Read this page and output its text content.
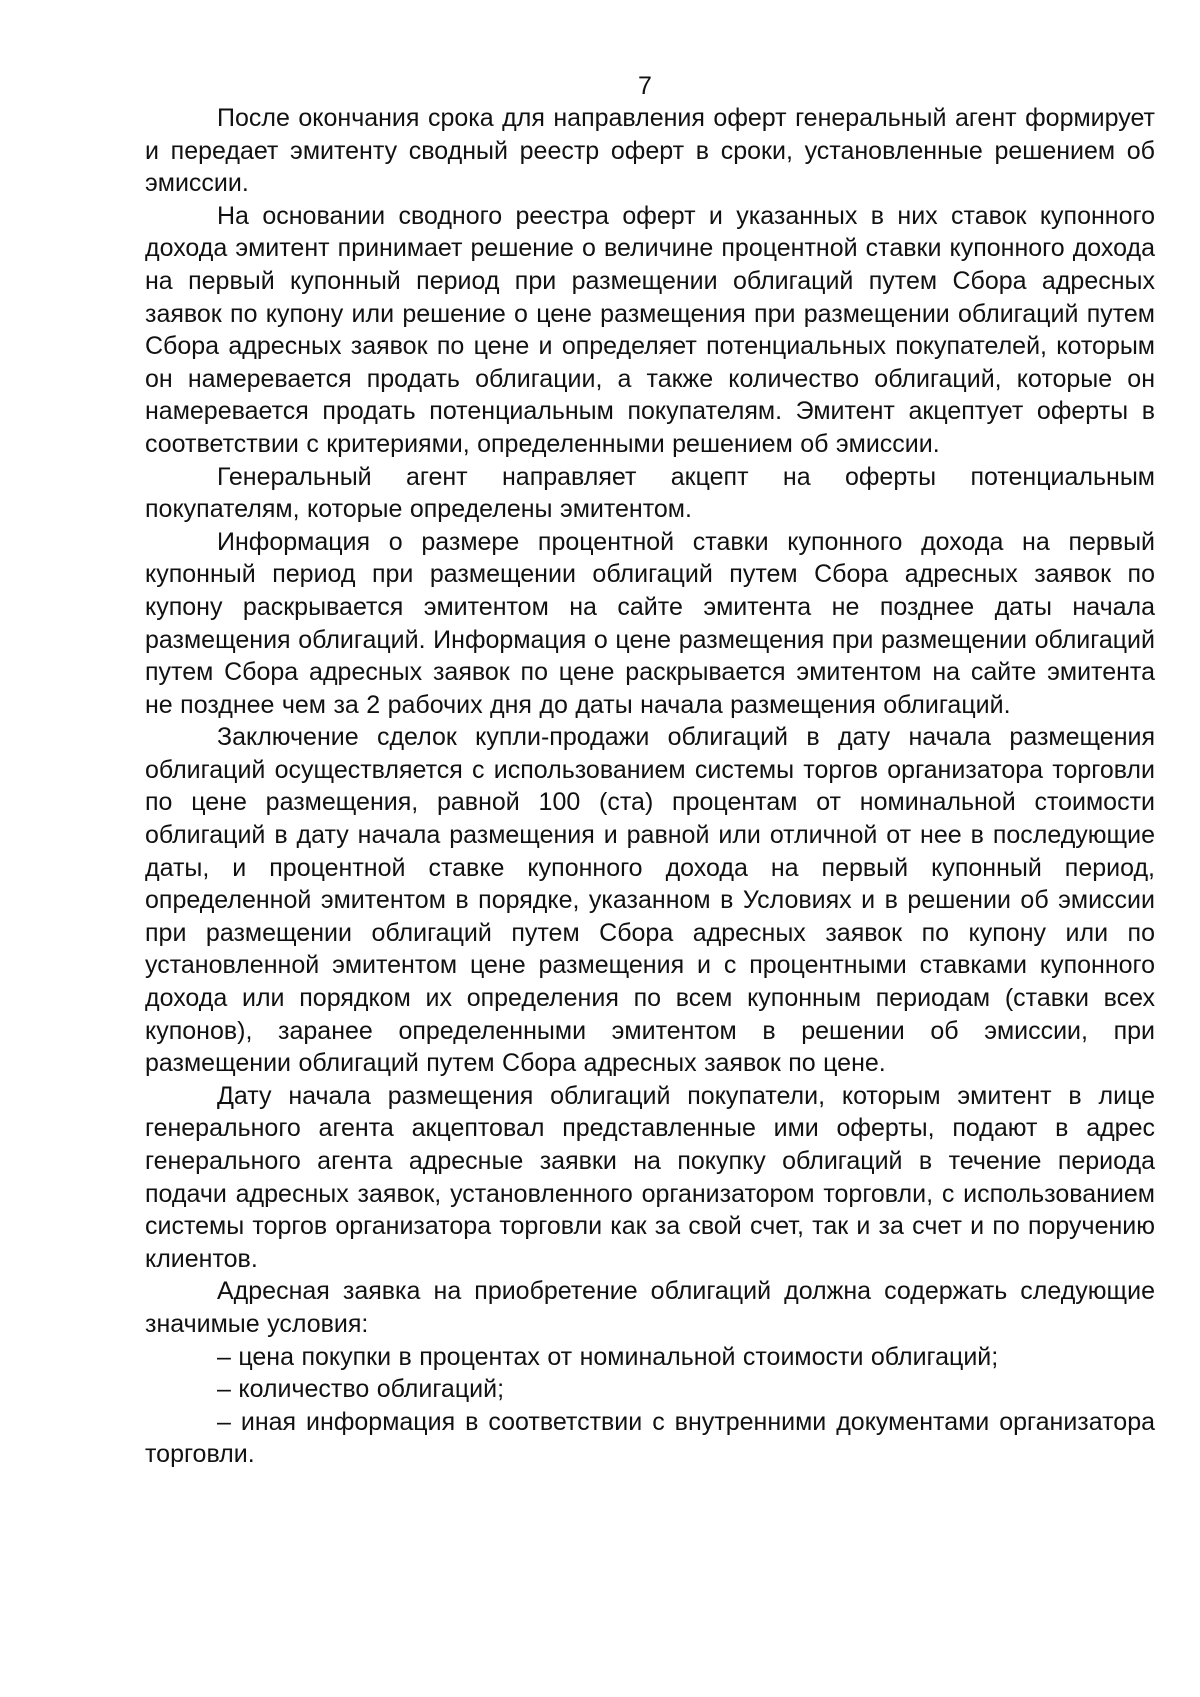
7

После окончания срока для направления оферт генеральный агент формирует и передает эмитенту сводный реестр оферт в сроки, установленные решением об эмиссии.

На основании сводного реестра оферт и указанных в них ставок купонного дохода эмитент принимает решение о величине процентной ставки купонного дохода на первый купонный период при размещении облигаций путем Сбора адресных заявок по купону или решение о цене размещения при размещении облигаций путем Сбора адресных заявок по цене и определяет потенциальных покупателей, которым он намеревается продать облигации, а также количество облигаций, которые он намеревается продать потенциальным покупателям. Эмитент акцептует оферты в соответствии с критериями, определенными решением об эмиссии.

Генеральный агент направляет акцепт на оферты потенциальным покупателям, которые определены эмитентом.

Информация о размере процентной ставки купонного дохода на первый купонный период при размещении облигаций путем Сбора адресных заявок по купону раскрывается эмитентом на сайте эмитента не позднее даты начала размещения облигаций. Информация о цене размещения при размещении облигаций путем Сбора адресных заявок по цене раскрывается эмитентом на сайте эмитента не позднее чем за 2 рабочих дня до даты начала размещения облигаций.

Заключение сделок купли-продажи облигаций в дату начала размещения облигаций осуществляется с использованием системы торгов организатора торговли по цене размещения, равной 100 (ста) процентам от номинальной стоимости облигаций в дату начала размещения и равной или отличной от нее в последующие даты, и процентной ставке купонного дохода на первый купонный период, определенной эмитентом в порядке, указанном в Условиях и в решении об эмиссии при размещении облигаций путем Сбора адресных заявок по купону или по установленной эмитентом цене размещения и с процентными ставками купонного дохода или порядком их определения по всем купонным периодам (ставки всех купонов), заранее определенными эмитентом в решении об эмиссии, при размещении облигаций путем Сбора адресных заявок по цене.

Дату начала размещения облигаций покупатели, которым эмитент в лице генерального агента акцептовал представленные ими оферты, подают в адрес генерального агента адресные заявки на покупку облигаций в течение периода подачи адресных заявок, установленного организатором торговли, с использованием системы торгов организатора торговли как за свой счет, так и за счет и по поручению клиентов.

Адресная заявка на приобретение облигаций должна содержать следующие значимые условия:

– цена покупки в процентах от номинальной стоимости облигаций;

– количество облигаций;

– иная информация в соответствии с внутренними документами организатора торговли.
